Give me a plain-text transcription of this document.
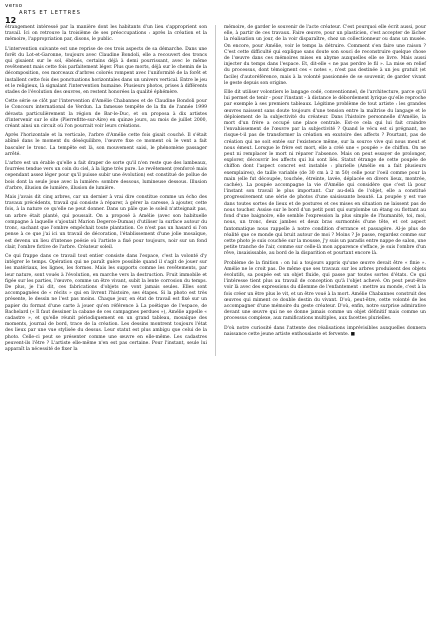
verso
ARTS ET LETTRES
12

étrangement intéressé par la manière dont les habitants d'un lieu s'approprient son travail. Ici on retrouve la troisième de ses préoccupations : après la création et la mémoire, l'appropriation par, disons, le public.

L'intervention suivante est une reprise de ces trois aspects de sa démarche. Dans une forêt du Lot-et-Garonne, toujours avec Claudine Bondoli, elle a recouvert des troncs qui gisaient sur le sol, ébénés, certains déjà à demi pourrissant, avec le même revêtement mais cette fois parfaitement léger. Plus que morts, déjà sur le chemin de la décomposition, ces morceaux d'arbres colorés rompent avec l'uniformité de la forêt et installent cette fois des ponctuations horizontales dans un univers vertical. Entre le jeu et le religieux, là signalant l'intervention humaine. Plusieurs photos, prises à différents stades de l'évolution des œuvres, en restent honorées la qualité éphémère.

Cette série se clôt par l'intervention d'Amélie Chabannes et de Claudine Bondoli pour le Concours international de Verdun. La fameuse tempête de la fin de l'année 1999 dévasta particulièrement la région de Bar-le-Duc, et on proposa à dix artistes d'intervenir sur le site (Pierrefitte-sur-Aire) en quinze jours, au mois de juillet 2000, créant ainsi un circuit où l'on pourrait voir leurs créations.

Après l'horizontale et la verticale, l'arbre d'Amélie cette fois gisait couché. Il s'était abîmé dans le moment du déséquilibre, l'œuvre fixe ce moment où le vent a fait basculer le tronc. La tempête est là, son mouvement saisi, le phénomène passager arrêté.

L'arbre est un érable qu'elle a fait draper de sorte qu'il n'en reste que des lambeaux, fourrées tendue vers un coin du ciel, à la ligne très pure. Le revêtement (renforcé mais cependant assez léger pour qu'il puisse subir une évolution) est constitué de pollue de bois dont la seule joue avec la lumière: sombre dessous, lumineuse dessous. Illusion d'arbre, illusion de lumière, illusion de lumière.

Mais j'avais dit cinq arbres, car un dernier à vrai dire constitue comme un écho des travaux précédents, travail qui consiste à réparer, à gérer la caresse, à ajouter, cette fois, à la nature ce qu'elle ne peut donner. Dans un pâle que le soleil n'atteignait pas, un arbre était planté, qui poussait. On a proposé à Amélie (avec son habituelle compagne à laquelle s'ajoutait Marion Degerce-Dumas) d'utiliser la surface autour du tronc, sachant que l'ombre empêchait toute plantation. Ce n'est pas un hasard si l'on pense à ce que j'ai ici un travail de décoration, l'établissement d'une jolie mosaïque, est devenu un lieu d'intense poésie où l'artiste a fixé pour toujours, noir sur un fond clair, l'ombre fictive de l'arbre. Créateur soleil.

Ce qui frappe dans ce travail tout entier consiste dans l'espace, c'est la volonté d'y intégrer le temps. Opération qui ne paraît guère possible quand il s'agit de jouer sur les matériaux, les lignes, les formes. Mais les supports comme les revêtements, par leur nature, sont voués à l'évolution, en marche vers la destruction. Fruit immobile et figée sur les parties, l'œuvre, comme un être vivant, subit la lente corrosion du temps. De plus, je l'ai dit, ces fabrications d'objets ne vont jamais seules. Elles sont accompagnées de « récits » qui en livrent l'histoire, ses étapes. Si la photo est très présente, le dessin ne l'est pas moins. Chaque jour, en état de travail est fixé sur un papier du format d'une carte à jouer qu'en référence à La poétique de l'espace, de Bachelard (« Il faut dessiner la cabane de ces campagnes perdues »), Amélie appelle « cadastre », et qu'elle réunit périodiquement en un grand tableau, mosaïque des moments, journal de bord, trace de la création. Les dessins montrent toujours l'état des lieux par une vue stylisée du dessus. Leur statut est plus ambigu que celui de la photo. Celle-ci peut se présenter comme une œuvre en elle-même. Les cadastres peuvent-ils l'être ? L'artiste elle-même n'en est pas certaine. Pour l'instant, seule lui apparaît la nécessité de fixer la

mémoire, de garder le souvenir de l'acte créateur. C'est pourquoi elle écrit aussi, pour elle, à partir de ces travaux. Faire œuvre, pour un plasticien, c'est accepter de lâcher la réalisation un jour, de la voir disparaître, chez un collectionneur ou dans un musée. On encore, pour Amélie, voir le temps la détruire. Comment s'en faire une raison ? C'est cette difficulté qui explique sans doute son souci de reconstruire quelque chose de l'œuvre dans ces mémoires mises en abyme auxquelles elle se livre. Mais aussi injecter du temps dans l'espace. Et, dit-elle « ne pas perdre le fil ». La mise en relief du processus, dont témoignent ces « notes », n'est pas destinée à un jeu gratuit (et facile) d'autoréférence, mais à la volonté passionnée de se souvenir, de garder vivant le geste depuis son origine.

Elle dit utiliser volontiers le langage codé, conventionnel, de l'architecture, parce qu'il lui permet de tenir - pour l'instant - à distance le débordement lyrique qu'elle reproche par exemple à ses premiers tableaux. Légitime problème de tout artiste : les grandes œuvres naissent sans doute toujours d'une tension entre la maîtrise du langage et le déploiement de la subjectivité du créateur. Dans l'histoire personnelle d'Amélie, la mort d'un frère a occupé une place centrale. Est-ce cela qui lui fait craindre l'envahissement de l'œuvre par la subjectivité ? Quand le vécu est si prégnant, ne risque-t-il pas de transformer la création en exutoire des affects ? Pourtant, pas de création qui ne soit entée sur l'existence même, sur la source vive qui nous meut et nous émeut. Lorsque le frère est mort, elle a créé une « poupée » de chiffon. On ne peut ni remplacer le mort ni réparer l'absence. Mais on peut essayer de prolonger, explorer, découvrir les affects qui lui sont liés. Statut étrange de cette poupée de chiffon dont l'aspect concret est instable : plurielle (Amélie en a fait plusieurs exemplaires), de taille variable (de 30 cm à 2 m 50) celle pour l'oeil comme pour la main (elle fut découpée, touchée, étreinte, lavée, déplacée en divers lieux, montrée, cachée). La poupée accompagne la vie d'Amélie qui considère que c'est là pour l'instant son travail le plus important. Car au-delà de l'objet, elle a constitué progressivement une série de photos d'une saisissante beauté. La poupée y est vue dans toutes sortes de lieux et de postures et ces mises en situation ne laissent pas de nous toucher. Assise sur le bord d'un petit pont qui surplombe un étang ou flottant au fond d'une baignoire, elle semble l'expression la plus simple de l'humanité, toi, moi, nous, un tronc, deux jambes et deux bras surmontés d'une tête, et cet aspect fantomatique nous rappelle à notre condition d'errance et passagère. Al-je plus de réalité que ce monde qui bruit autour de moi ? Moins ? Je passe, regardez comme sur cette photo je suis couchée sur la mousse, j'y suis un paradis entre nappe de salon, une petite tranche de l'air, comme sur celle-là mon apparence s'efface, je suis l'ombre d'un rêve, insaisissable, au bord de la disparition et pourtant encore là.

Problème de la finition : on lui a toujours appris qu'une œuvre devait être « finie ». Amélie ne le croit pas. De même que ses travaux sur les arbres produisent des objets évolutifs, sa poupée est un objet fluide, qui passe par toutes sortes d'états. Ce qui l'intéresse tient plus au travail de conception qu'à l'objet achevé. On peut peut-être voir là avec des expressions du dilemme de l'enfantement : mettre au monde, c'est à la fois créer un être plus le vit, et un être voué à la mort. Amélie Chabannes construit des œuvres qui miment ce double destin du vivant. D'où, peut-être, cette volonté de les accompagner d'une mémoire du geste créateur. D'où, enfin, notre surprise admirative devant une œuvre qui ne se donne jamais comme un objet définitif mais comme un processus complexe, aux ramifications multiples, aux facettes plurielles.

D'où notre curiosité dans l'attente des réalisations imprévisibles auxquelles donnera naissance cette jeune artiste enthousiaste et fervente. ■
